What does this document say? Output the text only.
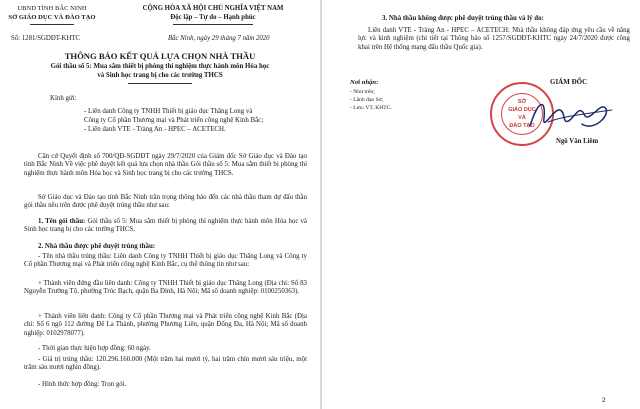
UBND TỈNH BẮC NINH
SỞ GIÁO DỤC VÀ ĐÀO TẠO
CỘNG HÒA XÃ HỘI CHỦ NGHĨA VIỆT NAM
Độc lập – Tự do – Hạnh phúc
Số: 1281/SGDĐT-KHTC	Bắc Ninh, ngày 29 tháng 7 năm 2020
THÔNG BÁO KẾT QUẢ LỰA CHỌN NHÀ THẦU
Gói thầu số 5: Mua sắm thiết bị phòng thí nghiệm thực hành môn Hóa học
và Sinh học trang bị cho các trường THCS
Kính gửi:
- Liên danh Công ty TNHH Thiết bị giáo dục Thăng Long và
Công ty Cổ phần Thương mại và Phát triển công nghệ Kinh Bắc;
- Liên danh VTE - Tràng An - HPEC – ACETECH.
Căn cứ Quyết định số 700/QĐ-SGDĐT ngày 29/7/2020 của Giám đốc Sở Giáo dục và Đào tạo tỉnh Bắc Ninh Về việc phê duyệt kết quả lựa chọn nhà thầu Gói thầu số 5: Mua sắm thiết bị phòng thí nghiệm thực hành môn Hóa học và Sinh học trang bị cho các trường THCS.
Sở Giáo dục và Đào tạo tỉnh Bắc Ninh trân trọng thông báo đến các nhà thầu tham dự đấu thầu gói thầu nêu trên được phê duyệt trúng thầu như sau:
1. Tên gói thầu: Gói thầu số 5: Mua sắm thiết bị phòng thí nghiệm thực hành môn Hóa học và Sinh học trang bị cho các trường THCS.
2. Nhà thầu được phê duyệt trúng thầu:
- Tên nhà thầu trúng thầu: Liên danh Công ty TNHH Thiết bị giáo dục Thăng Long và Công ty Cổ phần Thương mại và Phát triển công nghệ Kinh Bắc, cụ thể thông tin như sau:
+ Thành viên đứng đầu liên danh: Công ty TNHH Thiết bị giáo dục Thăng Long (Địa chỉ: Số 83 Nguyễn Trường Tộ, phường Trúc Bạch, quận Ba Đình, Hà Nội; Mã số doanh nghiệp: 0100250363).
+ Thành viên liên danh: Công ty Cổ phần Thương mại và Phát triển công nghệ Kinh Bắc (Địa chỉ: Số 6 ngõ 112 đường Đê La Thành, phường Phương Liên, quận Đống Đa, Hà Nội; Mã số doanh nghiệp: 0102978077).
- Thời gian thực hiện hợp đồng: 60 ngày.
- Giá trị trúng thầu: 120.296.160.000 (Một trăm hai mươi tỷ, hai trăm chín mươi sáu triệu, một trăm sáu mươi nghìn đồng).
- Hình thức hợp đồng: Trọn gói.
3. Nhà thầu không được phê duyệt trúng thầu và lý do:
Liên danh VTE - Tràng An - HPEC – ACETECH: Nhà thầu không đáp ứng yêu cầu về năng lực và kinh nghiệm (chi tiết tại Thông báo số 1257/SGDĐT-KHTC ngày 24/7/2020 được công khai trên Hệ thống mạng đấu thầu Quốc gia).
Nơi nhận:
- Như trên;
- Lãnh đạo Sở;
- Lưu: VT, KHTC.
GIÁM ĐỐC
SỞ
GIÁO DỤC
VÀ
ĐÀO TẠO
Ngô Văn Liêm
2
